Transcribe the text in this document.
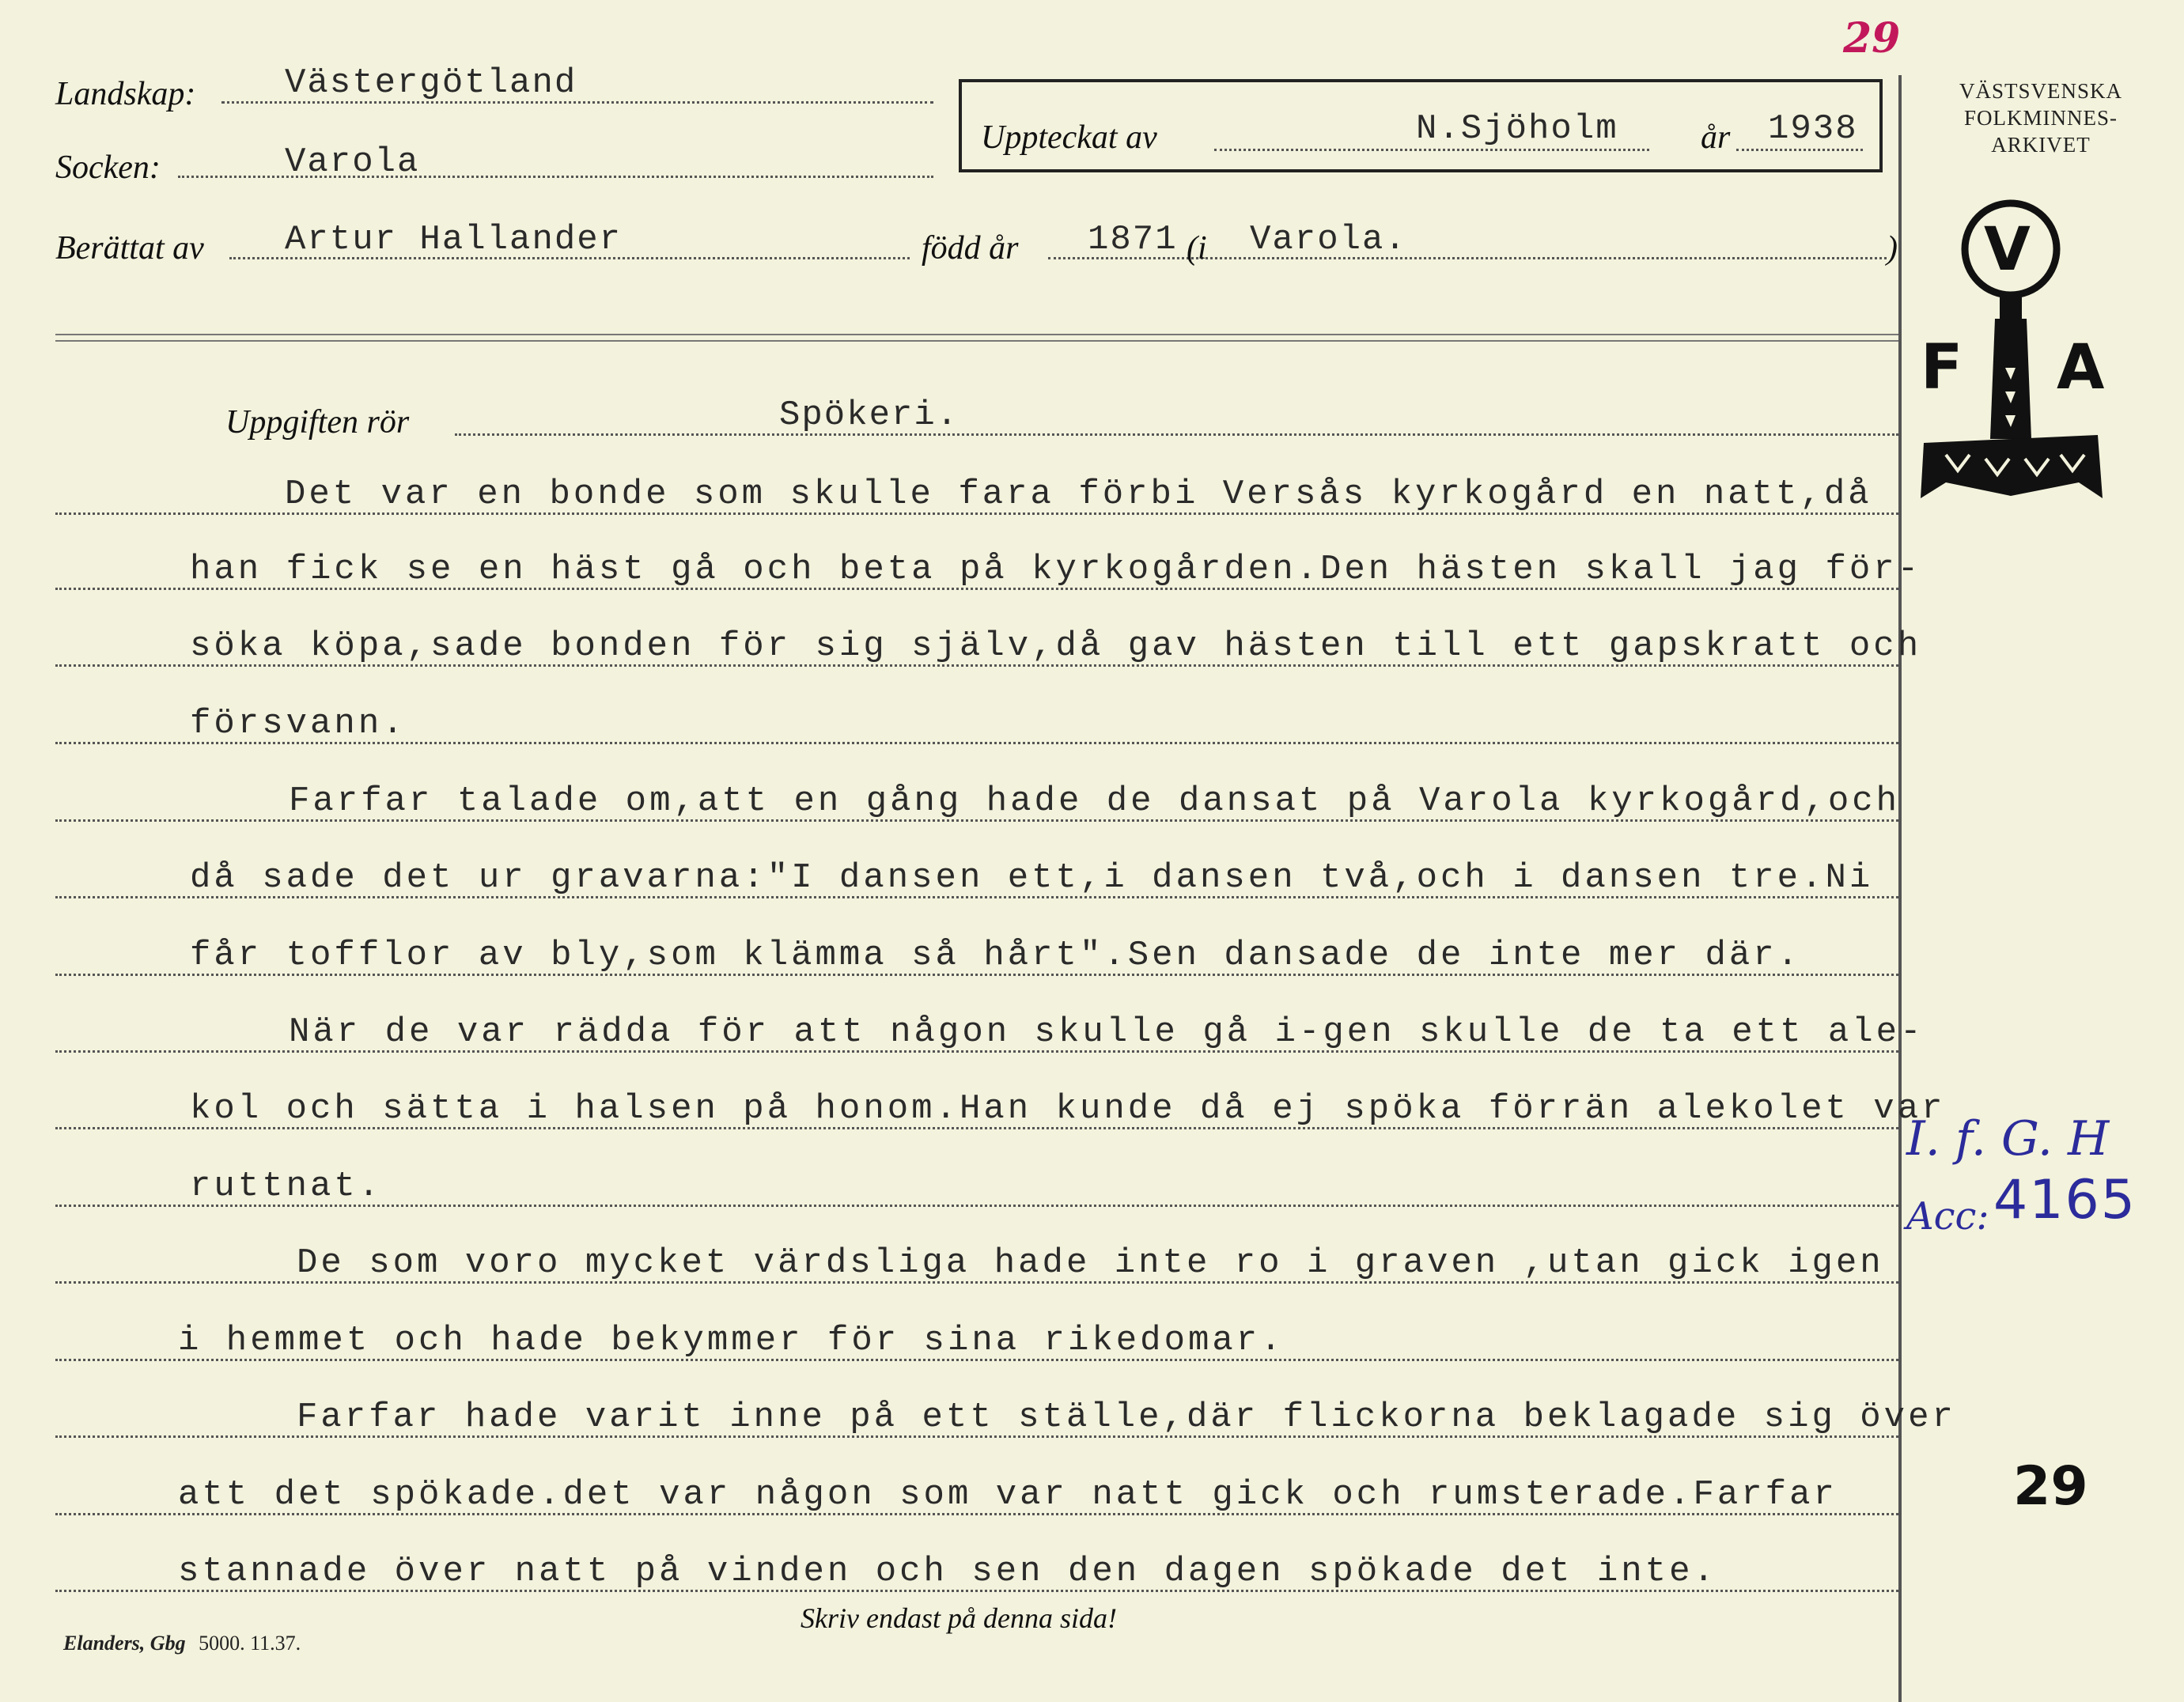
29
Landskap:	Västergötland
Socken:	Varola
Berättat av Artur Hallander	född år 1871 (i Varola.	)
Uppteckat av	N.Sjöholm år 1938
VÄSTSVENSKA
FOLKMINNES-
ARKIVET
V
F A
I. f. G. H
Acc: 4165
29
Uppgiften rör	Spökeri.
Det var en bonde som skulle fara förbi Versås kyrkogård en natt,då
han fick se en häst gå och beta på kyrkogården.Den hästen skall jag för-
söka köpa,sade bonden för sig själv,då gav hästen till ett gapskratt och
försvann.
Farfar talade om,att en gång hade de dansat på Varola kyrkogård,och
då sade det ur gravarna:"I dansen ett,i dansen två,och i dansen tre.Ni
får tofflor av bly,som klämma så hårt".Sen dansade de inte mer där.
När de var rädda för att någon skulle gå i-gen skulle de ta ett ale-
kol och sätta i halsen på honom.Han kunde då ej spöka förrän alekolet var
ruttnat.
De som voro mycket värdsliga hade inte ro i graven ,utan gick igen
i hemmet och hade bekymmer för sina rikedomar.
Farfar hade varit inne på ett ställe,där flickorna beklagade sig över
att det spökade.det var någon som var natt gick och rumsterade.Farfar
stannade över natt på vinden och sen den dagen spökade det inte.
Skriv endast på denna sida!
Elanders, Gbg 5000. 11.37.
